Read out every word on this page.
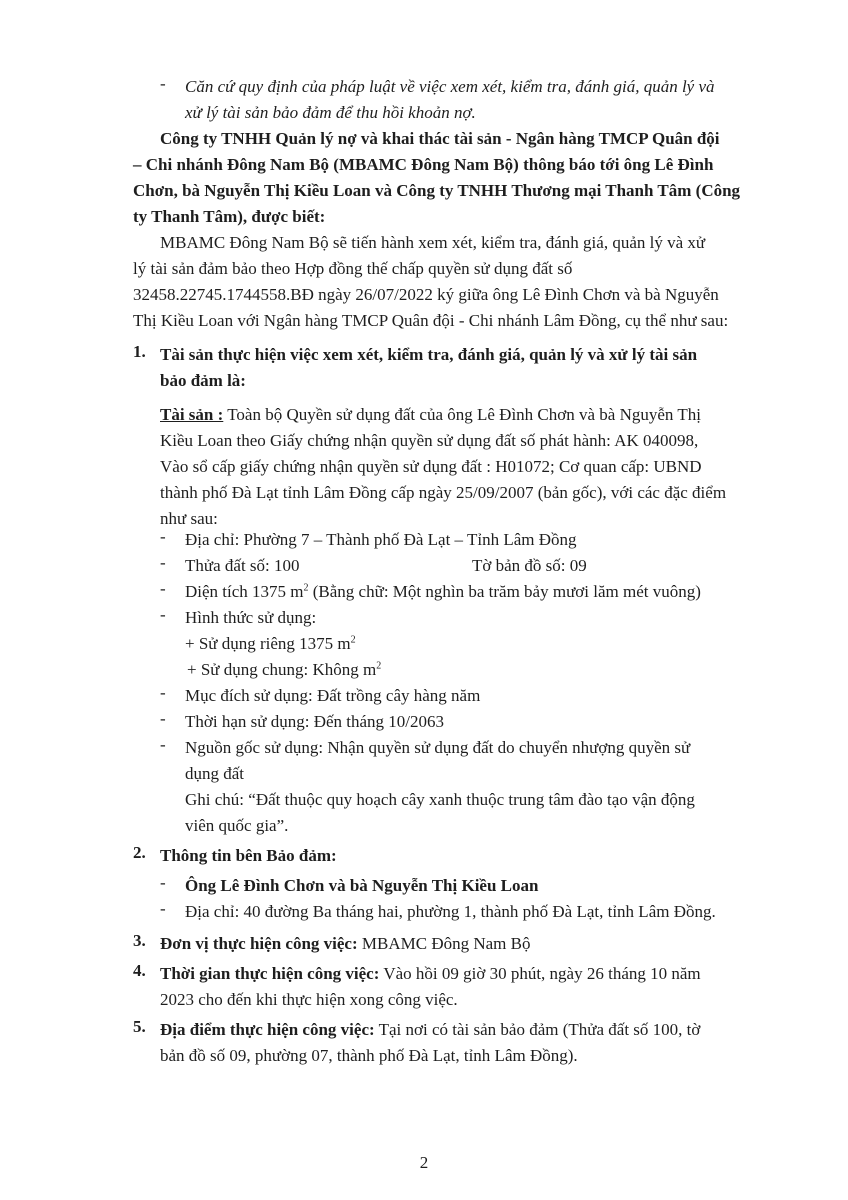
- Căn cứ quy định của pháp luật về việc xem xét, kiểm tra, đánh giá, quản lý và
xử lý tài sản bảo đảm để thu hồi khoản nợ.
Công ty TNHH Quản lý nợ và khai thác tài sản - Ngân hàng TMCP Quân đội
– Chi nhánh Đông Nam Bộ (MBAMC Đông Nam Bộ) thông báo tới ông Lê Đình
Chơn, bà Nguyễn Thị Kiều Loan và Công ty TNHH Thương mại Thanh Tâm (Công
ty Thanh Tâm), được biết:
MBAMC Đông Nam Bộ sẽ tiến hành xem xét, kiểm tra, đánh giá, quản lý và xử
lý tài sản đảm bảo theo Hợp đồng thế chấp quyền sử dụng đất số
32458.22745.1744558.BĐ ngày 26/07/2022 ký giữa ông Lê Đình Chơn và bà Nguyễn
Thị Kiều Loan với Ngân hàng TMCP Quân đội - Chi nhánh Lâm Đồng, cụ thể như sau:
1. Tài sản thực hiện việc xem xét, kiểm tra, đánh giá, quản lý và xử lý tài sản
bảo đảm là:
Tài sản : Toàn bộ Quyền sử dụng đất của ông Lê Đình Chơn và bà Nguyễn Thị
Kiều Loan theo Giấy chứng nhận quyền sử dụng đất số phát hành: AK 040098,
Vào sổ cấp giấy chứng nhận quyền sử dụng đất : H01072; Cơ quan cấp: UBND
thành phố Đà Lạt tỉnh Lâm Đồng cấp ngày 25/09/2007 (bản gốc), với các đặc điểm
như sau:
- Địa chỉ: Phường 7 – Thành phố Đà Lạt – Tỉnh Lâm Đồng
- Thửa đất số: 100	Tờ bản đồ số: 09
- Diện tích 1375 $m^2$ (Bằng chữ: Một nghìn ba trăm bảy mươi lăm mét vuông)
- Hình thức sử dụng:
+ Sử dụng riêng 1375 $m^2$
+ Sử dụng chung: Không $m^2$
- Mục đích sử dụng: Đất trồng cây hàng năm
- Thời hạn sử dụng: Đến tháng 10/2063
- Nguồn gốc sử dụng: Nhận quyền sử dụng đất do chuyển nhượng quyền sử
dụng đất
Ghi chú: “Đất thuộc quy hoạch cây xanh thuộc trung tâm đào tạo vận động
viên quốc gia”.
2. Thông tin bên Bảo đảm:
- Ông Lê Đình Chơn và bà Nguyễn Thị Kiều Loan
- Địa chỉ: 40 đường Ba tháng hai, phường 1, thành phố Đà Lạt, tỉnh Lâm Đồng.
3. Đơn vị thực hiện công việc: MBAMC Đông Nam Bộ
4. Thời gian thực hiện công việc: Vào hồi 09 giờ 30 phút, ngày 26 tháng 10 năm
2023 cho đến khi thực hiện xong công việc.
5. Địa điểm thực hiện công việc: Tại nơi có tài sản bảo đảm (Thửa đất số 100, tờ
bản đồ số 09, phường 07, thành phố Đà Lạt, tỉnh Lâm Đồng).
2
